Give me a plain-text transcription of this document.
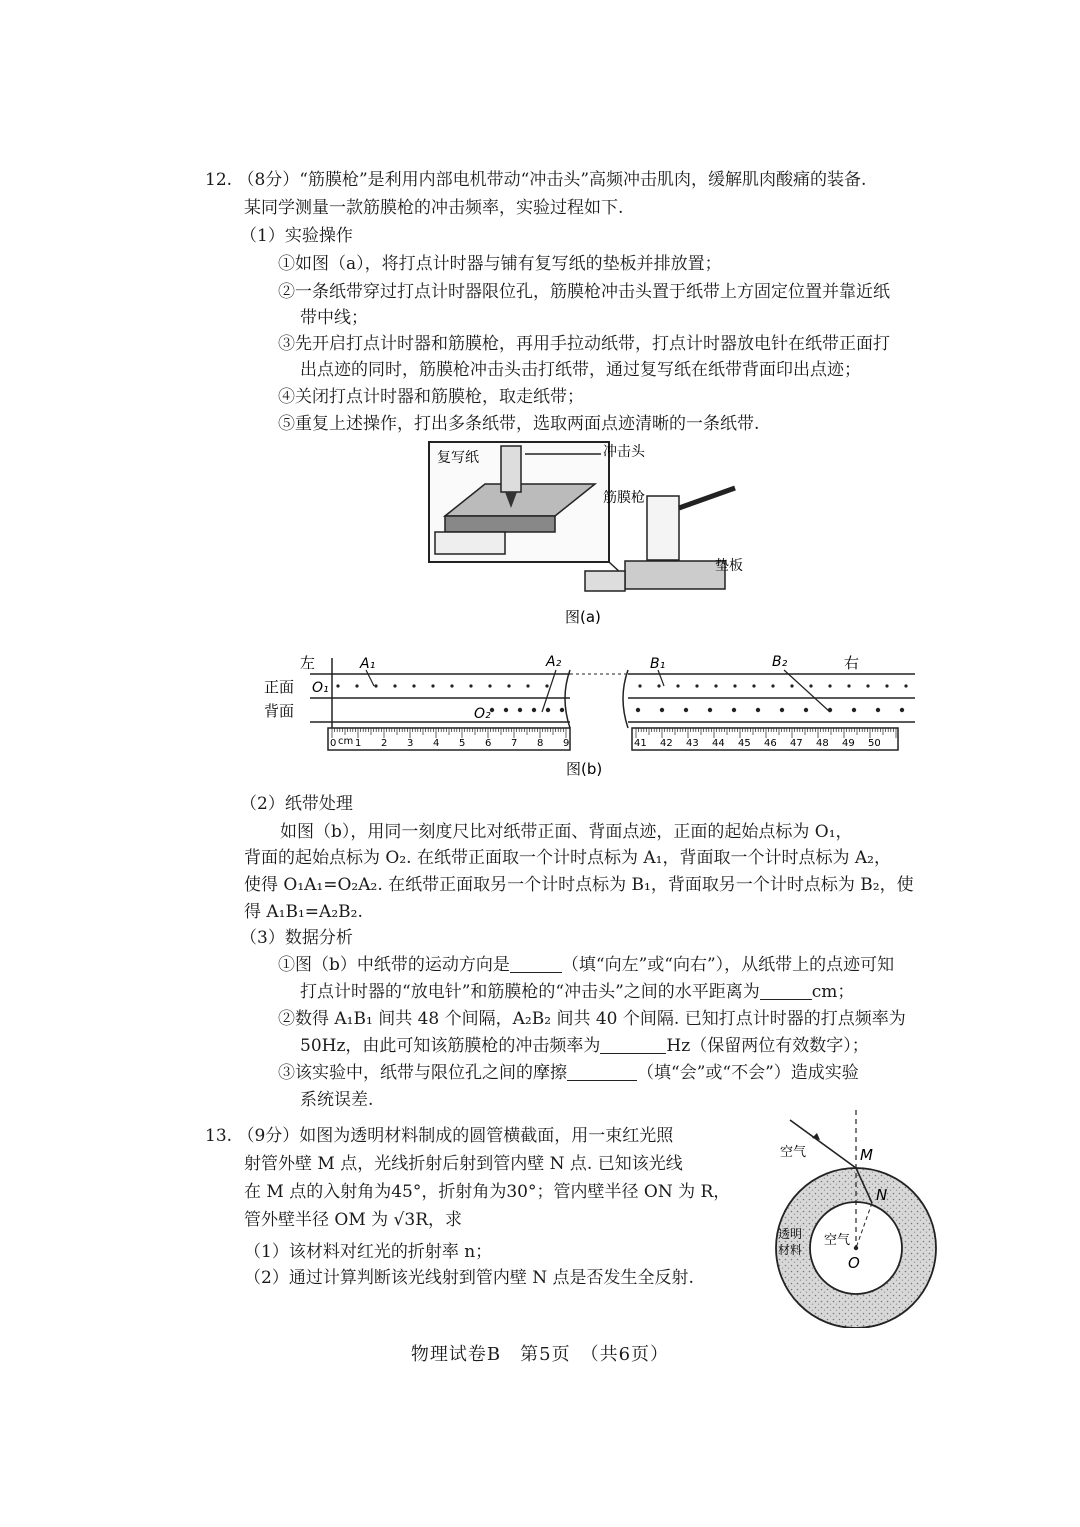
12. （8分）“筋膜枪”是利用内部电机带动“冲击头”高频冲击肌肉，缓解肌肉酸痛的装备.
某同学测量一款筋膜枪的冲击频率，实验过程如下.
（1）实验操作
①如图（a），将打点计时器与铺有复写纸的垫板并排放置；
②一条纸带穿过打点计时器限位孔，筋膜枪冲击头置于纸带上方固定位置并靠近纸
带中线；
③先开启打点计时器和筋膜枪，再用手拉动纸带，打点计时器放电针在纸带正面打
出点迹的同时，筋膜枪冲击头击打纸带，通过复写纸在纸带背面印出点迹；
④关闭打点计时器和筋膜枪，取走纸带；
⑤重复上述操作，打出多条纸带，选取两面点迹清晰的一条纸带.
复写纸	冲击头
筋膜枪
垫板
图(a)
1 2 3 4 5 6 7 8 9
0	41 42 43 44 45 46 47 48 49 50
左	右
正面
背面
O₁
O₂
A₁	A₂	B₁	B₂
cm
图(b)
（2）纸带处理
如图（b），用同一刻度尺比对纸带正面、背面点迹，正面的起始点标为 O₁，
背面的起始点标为 O₂. 在纸带正面取一个计时点标为 A₁，背面取一个计时点标为 A₂，
使得 O₁A₁=O₂A₂. 在纸带正面取另一个计时点标为 B₁，背面取另一个计时点标为 B₂，使
得 A₁B₁=A₂B₂.
（3）数据分析
①图（b）中纸带的运动方向是	（填“向左”或“向右”），从纸带上的点迹可知
打点计时器的“放电针”和筋膜枪的“冲击头”之间的水平距离为	cm；
②数得 A₁B₁ 间共 48 个间隔，A₂B₂ 间共 40 个间隔. 已知打点计时器的打点频率为
50Hz，由此可知该筋膜枪的冲击频率为	Hz（保留两位有效数字）；
③该实验中，纸带与限位孔之间的摩擦	（填“会”或“不会”）造成实验
系统误差.
13. （9分）如图为透明材料制成的圆管横截面，用一束红光照
射管外壁 M 点，光线折射后射到管内壁 N 点. 已知该光线
在 M 点的入射角为45°，折射角为30°；管内壁半径 ON 为 R，
管外壁半径 OM 为 √3R，求
（1）该材料对红光的折射率 n；
（2）通过计算判断该光线射到管内壁 N 点是否发生全反射.
空气	M
N
空气
O
透明
材料
物理试卷B　第5页　（共6页）
